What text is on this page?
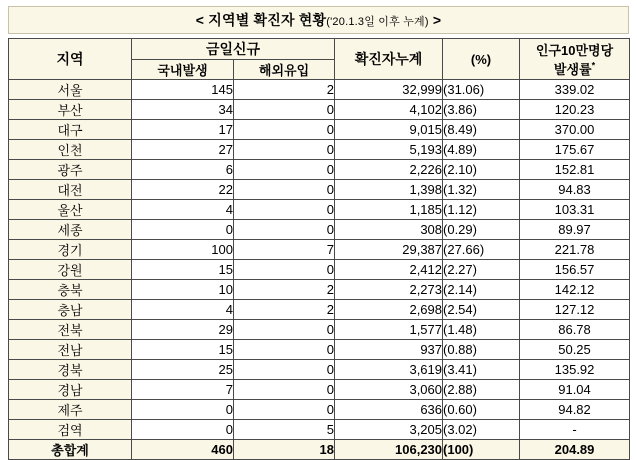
< 지역별 확진자 현황('20.1.3일 이후 누계) >
지역	금일신규		확진자누계	(%)	인구10만명당
발생률*

	국내발생	해외유입			
서울	145	2	32,999	(31.06)	339.02
부산	34	0	4,102	(3.86)	120.23
대구	17	0	9,015	(8.49)	370.00
인천	27	0	5,193	(4.89)	175.67
광주	6	0	2,226	(2.10)	152.81
대전	22	0	1,398	(1.32)	94.83
울산	4	0	1,185	(1.12)	103.31
세종	0	0	308	(0.29)	89.97
경기	100	7	29,387	(27.66)	221.78
강원	15	0	2,412	(2.27)	156.57
충북	10	2	2,273	(2.14)	142.12
충남	4	2	2,698	(2.54)	127.12
전북	29	0	1,577	(1.48)	86.78
전남	15	0	937	(0.88)	50.25
경북	25	0	3,619	(3.41)	135.92
경남	7	0	3,060	(2.88)	91.04
제주	0	0	636	(0.60)	94.82
검역	0	5	3,205	(3.02)	-
총합계	460	18	106,230	(100)	204.89
